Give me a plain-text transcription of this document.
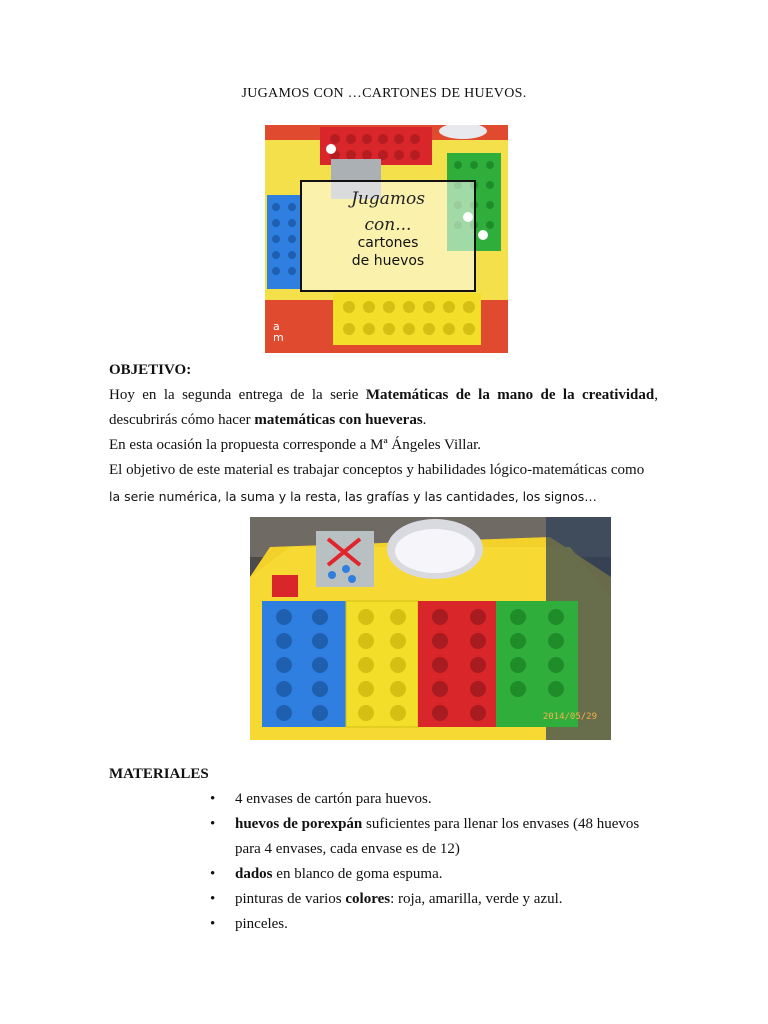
JUGAMOS CON …CARTONES DE HUEVOS.
Jugamos
con...
cartones
de huevos
a
m
OBJETIVO:
Hoy en la segunda entrega de la serie Matemáticas de la mano de la creatividad,
descubrirás cómo hacer matemáticas con hueveras.
En esta ocasión la propuesta corresponde a Mª Ángeles Villar.
El objetivo de este material es trabajar conceptos y habilidades lógico-matemáticas como
la serie numérica, la suma y la resta, las grafías y las cantidades, los signos…
2014/05/29
MATERIALES
• 4 envases de cartón para huevos.
• huevos de porexpán suficientes para llenar los envases (48 huevos
para 4 envases, cada envase es de 12)
• dados en blanco de goma espuma.
• pinturas de varios colores: roja, amarilla, verde y azul.
• pinceles.
